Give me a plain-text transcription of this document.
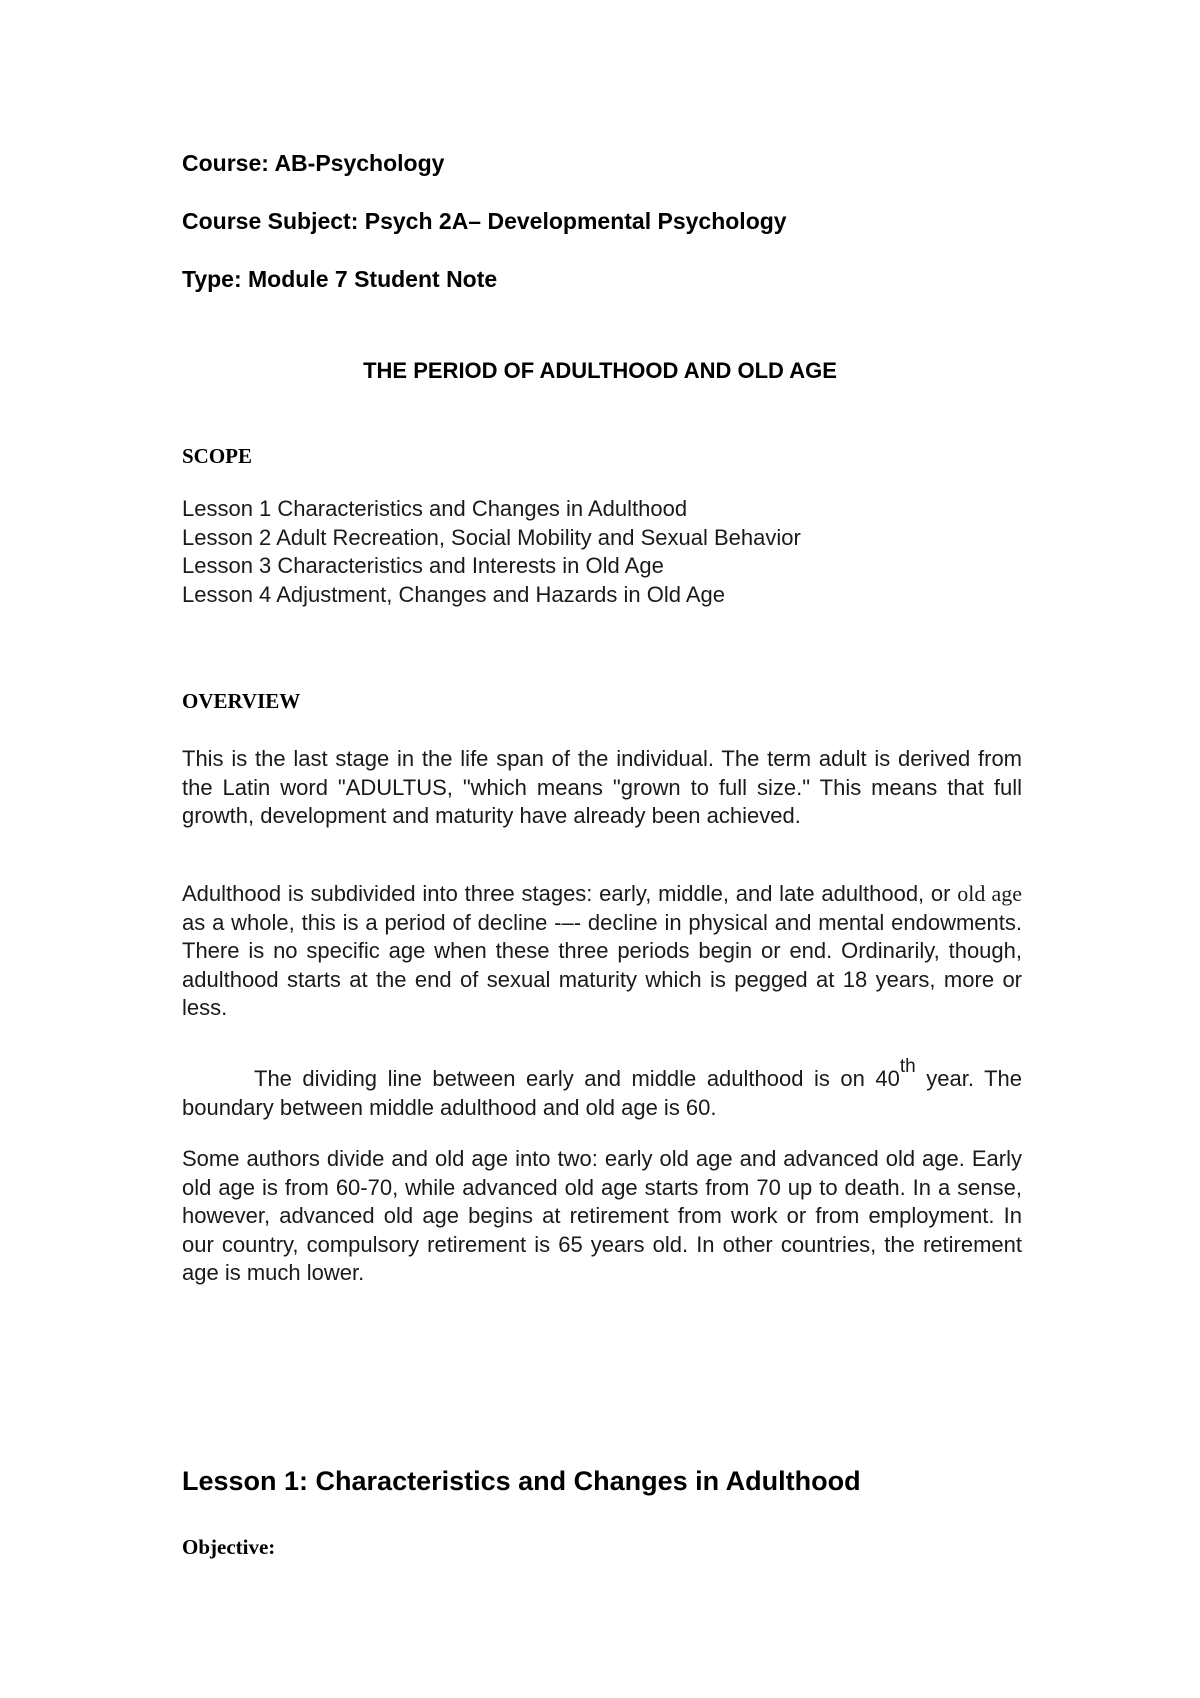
Course: AB-Psychology

Course Subject: Psych 2A– Developmental Psychology

Type: Module 7 Student Note

THE PERIOD OF ADULTHOOD AND OLD AGE
SCOPE
Lesson 1 Characteristics and Changes in Adulthood
Lesson 2 Adult Recreation, Social Mobility and Sexual Behavior
Lesson 3 Characteristics and Interests in Old Age
Lesson 4 Adjustment, Changes and Hazards in Old Age
OVERVIEW

This is the last stage in the life span of the individual. The term adult is derived from the Latin word "ADULTUS, "which means "grown to full size." This means that full growth, development and maturity have already been achieved.

Adulthood is subdivided into three stages: early, middle, and late adulthood, or old age as a whole, this is a period of decline -–- decline in physical and mental endowments. There is no specific age when these three periods begin or end. Ordinarily, though, adulthood starts at the end of sexual maturity which is pegged at 18 years, more or less.

The dividing line between early and middle adulthood is on 40th year. The boundary between middle adulthood and old age is 60.

Some authors divide and old age into two: early old age and advanced old age. Early old age is from 60-70, while advanced old age starts from 70 up to death. In a sense, however, advanced old age begins at retirement from work or from employment. In our country, compulsory retirement is 65 years old. In other countries, the retirement age is much lower.

Lesson 1: Characteristics and Changes in Adulthood

Objective:
